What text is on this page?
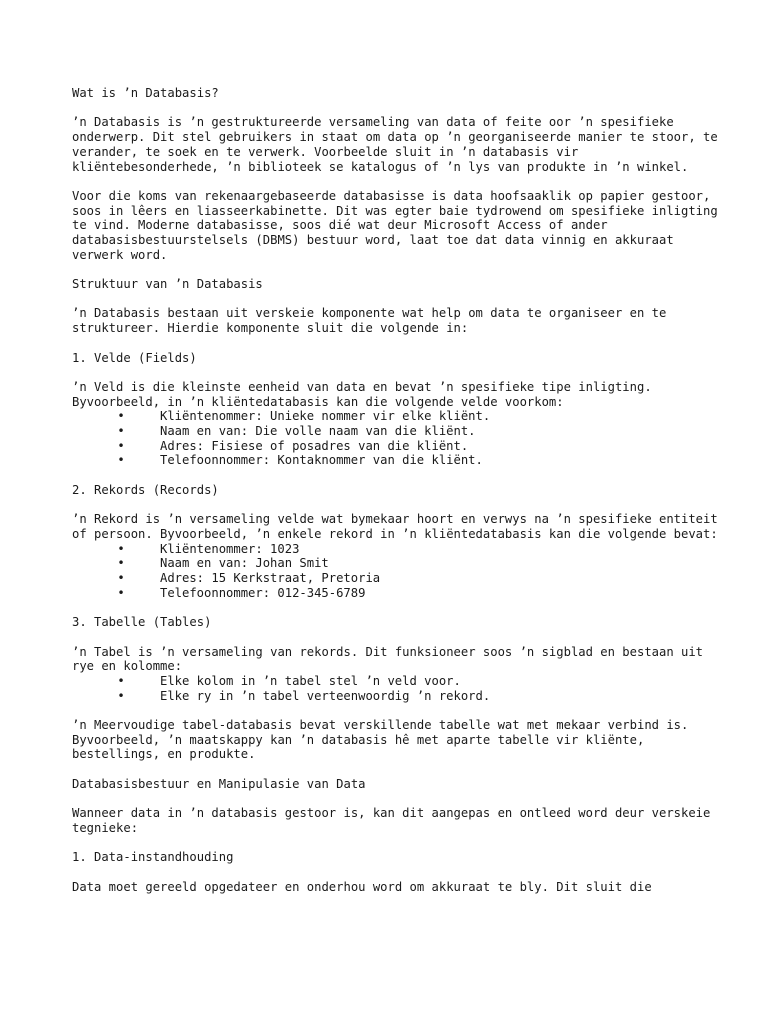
Wat is ’n Databasis?

’n Databasis is ’n gestruktureerde versameling van data of feite oor ’n spesifieke onderwerp. Dit stel gebruikers in staat om data op ’n georganiseerde manier te stoor, te verander, te soek en te verwerk. Voorbeelde sluit in ’n databasis vir kliëntebesonderhede, ’n biblioteek se katalogus of ’n lys van produkte in ’n winkel.

Voor die koms van rekenaargebaseerde databasisse is data hoofsaaklik op papier gestoor, soos in lêers en liasseerkabinette. Dit was egter baie tydrowend om spesifieke inligting te vind. Moderne databasisse, soos dié wat deur Microsoft Access of ander databasisbestuurstelsels (DBMS) bestuur word, laat toe dat data vinnig en akkuraat verwerk word.

Struktuur van ’n Databasis

’n Databasis bestaan uit verskeie komponente wat help om data te organiseer en te struktureer. Hierdie komponente sluit die volgende in:

1. Velde (Fields)

’n Veld is die kleinste eenheid van data en bevat ’n spesifieke tipe inligting. Byvoorbeeld, in ’n kliëntedatabasis kan die volgende velde voorkom:

•	Kliëntenommer: Unieke nommer vir elke kliënt.
•	Naam en van: Die volle naam van die kliënt.
•	Adres: Fisiese of posadres van die kliënt.
•	Telefoonnommer: Kontaknommer van die kliënt.

2. Rekords (Records)

’n Rekord is ’n versameling velde wat bymekaar hoort en verwys na ’n spesifieke entiteit of persoon. Byvoorbeeld, ’n enkele rekord in ’n kliëntedatabasis kan die volgende bevat:

•	Kliëntenommer: 1023
•	Naam en van: Johan Smit
•	Adres: 15 Kerkstraat, Pretoria
•	Telefoonnommer: 012-345-6789

3. Tabelle (Tables)

’n Tabel is ’n versameling van rekords. Dit funksioneer soos ’n sigblad en bestaan uit rye en kolomme:

•	Elke kolom in ’n tabel stel ’n veld voor.
•	Elke ry in ’n tabel verteenwoordig ’n rekord.

’n Meervoudige tabel-databasis bevat verskillende tabelle wat met mekaar verbind is. Byvoorbeeld, ’n maatskappy kan ’n databasis hê met aparte tabelle vir kliënte, bestellings, en produkte.

Databasisbestuur en Manipulasie van Data

Wanneer data in ’n databasis gestoor is, kan dit aangepas en ontleed word deur verskeie tegnieke:

1. Data-instandhouding

Data moet gereeld opgedateer en onderhou word om akkuraat te bly. Dit sluit die
